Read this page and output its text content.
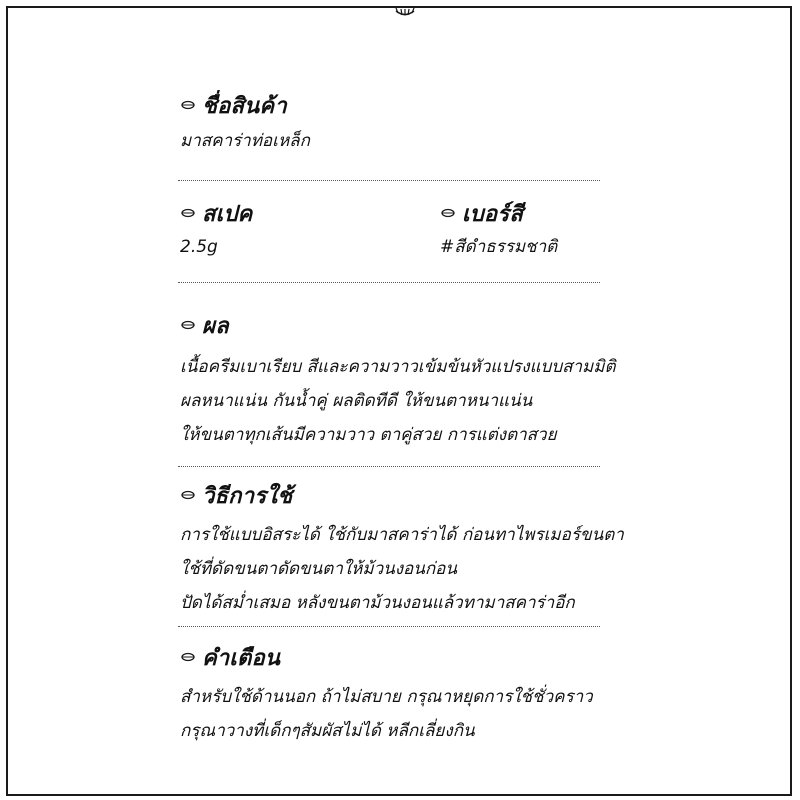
ชื่อสินค้า
มาสคาร่าท่อเหล็ก
สเปค
2.5g
เบอร์สี
#สีดำธรรมชาติ
ผล
เนื้อครีมเบาเรียบ สีและความวาวเข้มข้นหัวแปรงแบบสามมิติ
ผลหนาแน่น กันน้ำคู่ ผลติดทีดี ให้ขนตาหนาแน่น
ให้ขนตาทุกเส้นมีความวาว ตาคู่สวย การแต่งตาสวย
วิธีการใช้
การใช้แบบอิสระได้ ใช้กับมาสคาร่าได้ ก่อนทาไพรเมอร์ขนตา
ใช้ที่ดัดขนตาดัดขนตาให้ม้วนงอนก่อน
ปัดได้สม่ำเสมอ หลังขนตาม้วนงอนแล้วทามาสคาร่าอีก
คำเตือน
สำหรับใช้ด้านนอก ถ้าไม่สบาย กรุณาหยุดการใช้ชั่วคราว
กรุณาวางที่เด็กๆสัมผัสไม่ได้ หลีกเลี่ยงกิน
